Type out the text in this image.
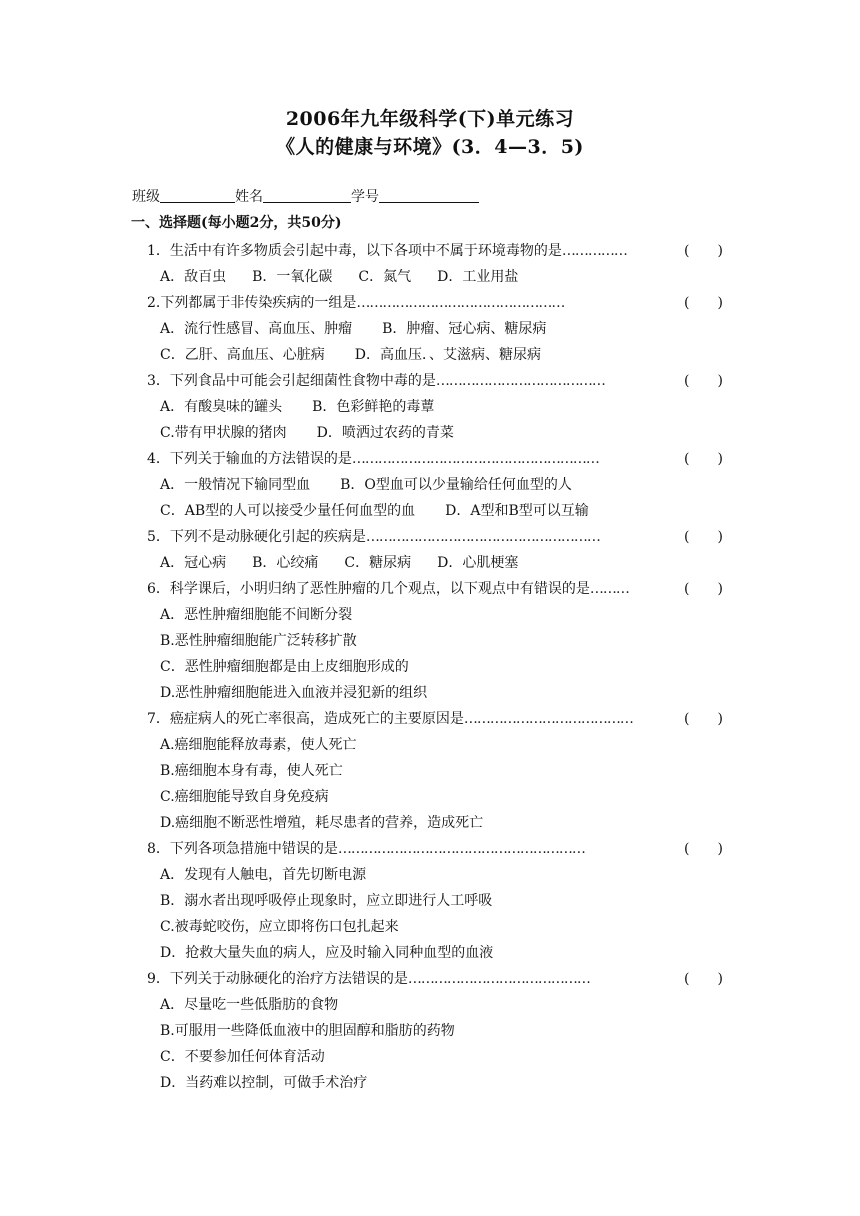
2006年九年级科学(下)单元练习
《人的健康与环境》(3．4—3．5)
班级	姓名	学号
一、选择题(每小题2分，共50分)
1．生活中有许多物质会引起中毒，以下各项中不属于环境毒物的是……………	(　　)
A．敌百虫 B．一氧化碳 C．氮气 D．工业用盐
2.下列都属于非传染疾病的一组是…………………………………………	(　　)
A．流行性感冒、高血压、肿瘤 B．肿瘤、冠心病、糖尿病
C．乙肝、高血压、心脏病 D．高血压．、艾滋病、糖尿病
3．下列食品中可能会引起细菌性食物中毒的是…………………………………	(　　)
A．有酸臭味的罐头 B．色彩鲜艳的毒蕈
C.带有甲状腺的猪肉 D．喷洒过农药的青菜
4．下列关于输血的方法错误的是…………………………………………………	(　　)
A．一般情况下输同型血 B．O型血可以少量输给任何血型的人
C．AB型的人可以接受少量任何血型的血 D．A型和B型可以互输
5．下列不是动脉硬化引起的疾病是………………………………………………	(　　)
A．冠心病 B．心绞痛 C．糖尿病 D．心肌梗塞
6．科学课后，小明归纳了恶性肿瘤的几个观点，以下观点中有错误的是………	(　　)
A．恶性肿瘤细胞能不间断分裂
B.恶性肿瘤细胞能广泛转移扩散
C．恶性肿瘤细胞都是由上皮细胞形成的
D.恶性肿瘤细胞能进入血液并浸犯新的组织
7．癌症病人的死亡率很高，造成死亡的主要原因是…………………………………	(　　)
A.癌细胞能释放毒素，使人死亡
B.癌细胞本身有毒，使人死亡
C.癌细胞能导致自身免疫病
D.癌细胞不断恶性增殖，耗尽患者的营养，造成死亡
8．下列各项急措施中错误的是…………………………………………………	(　　)
A．发现有人触电，首先切断电源
B．溺水者出现呼吸停止现象时，应立即进行人工呼吸
C.被毒蛇咬伤，应立即将伤口包扎起来
D．抢救大量失血的病人，应及时输入同种血型的血液
9．下列关于动脉硬化的治疗方法错误的是……………………………………	(　　)
A．尽量吃一些低脂肪的食物
B.可服用一些降低血液中的胆固醇和脂肪的药物
C．不要参加任何体育活动
D．当药难以控制，可做手术治疗
